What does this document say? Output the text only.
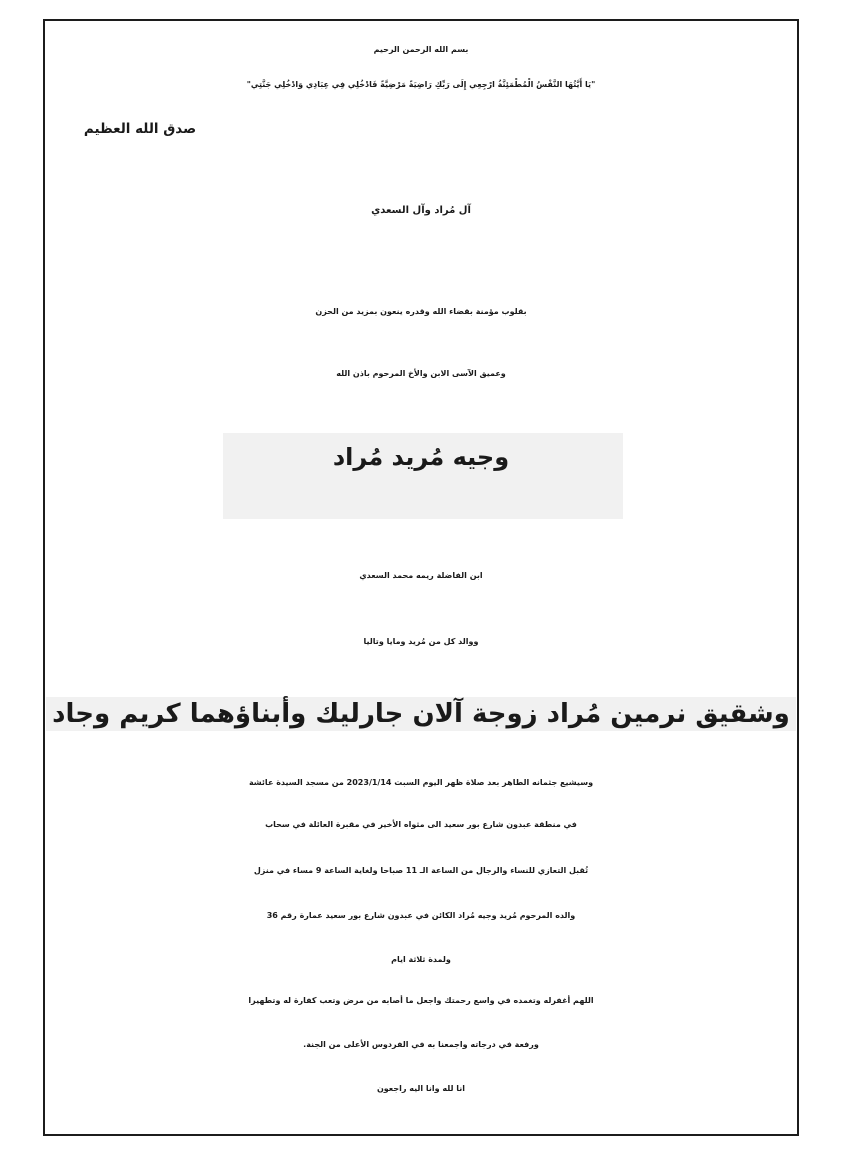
بسم الله الرحمن الرحيم
"يَا أَيَّتُهَا النَّفْسُ الْمُطْمَئِنَّةُ ارْجِعِي إِلَى رَبِّكِ رَاضِيَةً مَرْضِيَّةً فَادْخُلِي فِي عِبَادِي وَادْخُلِي جَنَّتِي"
صدق الله العظيم
آل مُراد وآل السعدي
بقلوب مؤمنة بقضاء الله وقدره ينعون بمزيد من الحزن
وعميق الآسى الابن والأخ المرحوم باذن الله
وجيه مُريد مُراد
ابن الفاضلة ريمه محمد السعدي
ووالد كل من مُريد ومايا وتاليا
وشقيق نرمين مُراد زوجة آلان جارليك وأبناؤهما كريم وجاد
وسيشيع جثمانه الطاهر بعد صلاة ظهر اليوم السبت 2023/1/14 من مسجد السيدة عائشة
في منطقة عبدون شارع بور سعيد الى مثواه الأخير في مقبرة العائلة في سحاب
تُقبل التعازي للنساء والرجال من الساعة الـ 11 صباحا ولغاية الساعة 9 مساء في منزل
والده المرحوم مُريد وجيه مُراد الكائن في عبدون شارع بور سعيد عمارة رقم 36
ولمدة ثلاثة ايام
اللهم أغفرله وتغمده في واسع رحمتك واجعل ما أصابه من مرض وتعب كفارة له وتطهيرا
ورفعة في درجاته واجمعنا به في الفردوس الأعلى من الجنة.
انا لله وانا اليه راجعون
